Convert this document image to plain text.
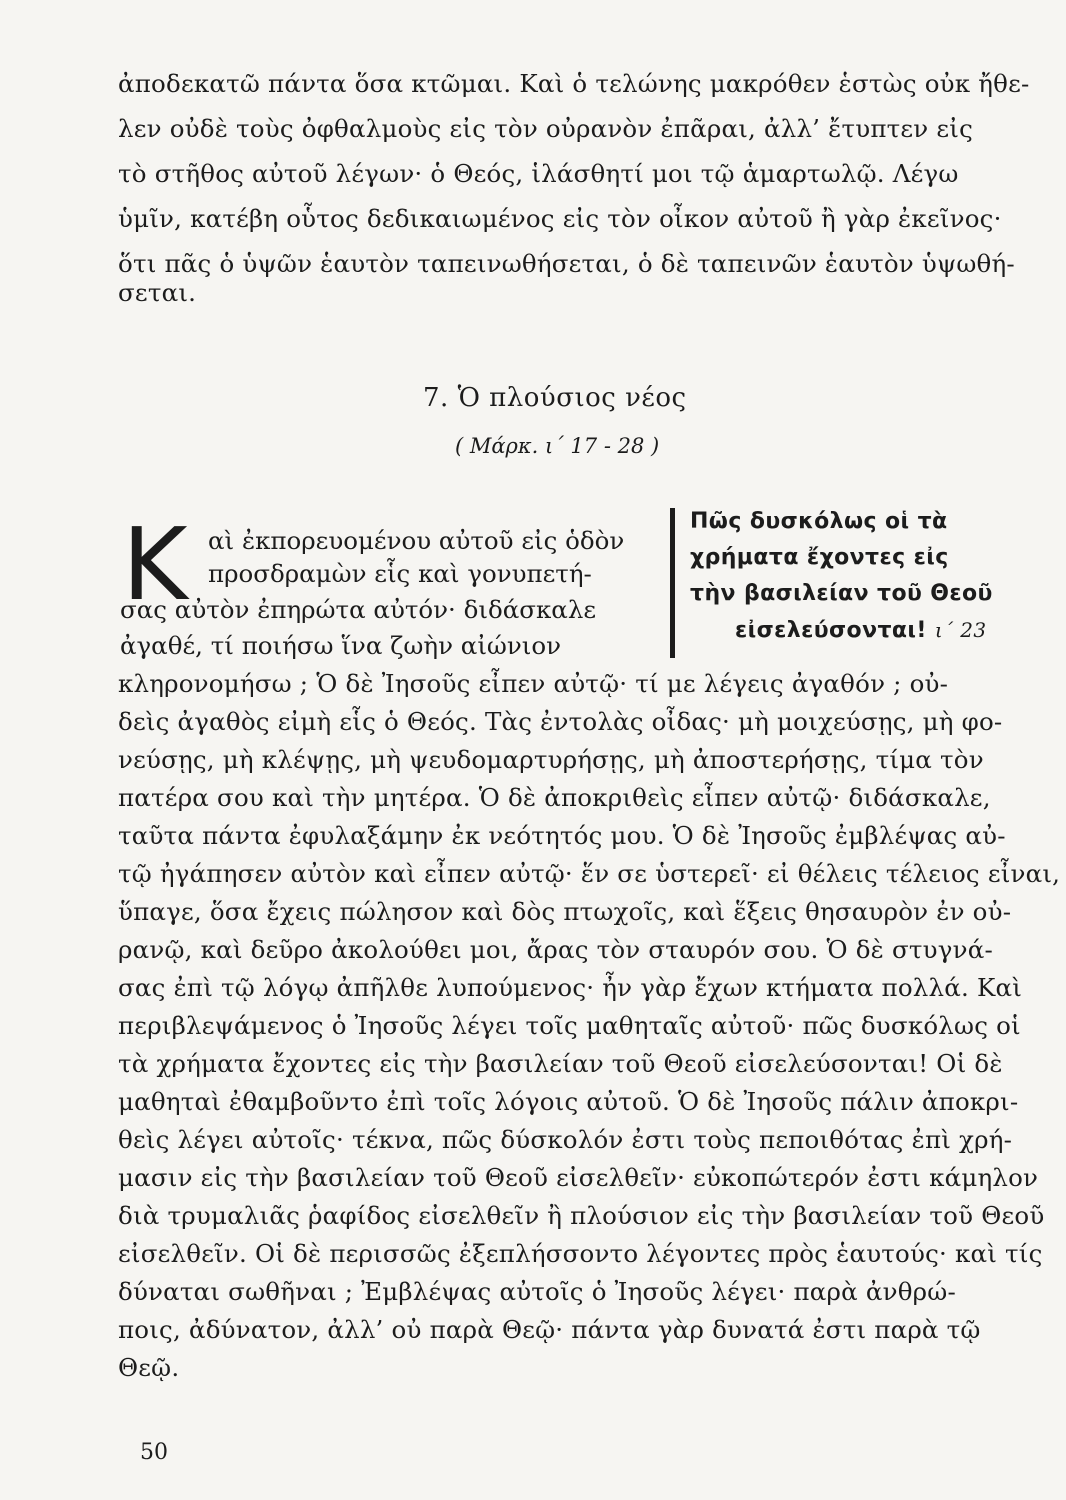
ἀποδεκατῶ πάντα ὅσα κτῶμαι. Καὶ ὁ τελώνης μακρόθεν ἑστὼς οὐκ ἤθε-
λεν οὐδὲ τοὺς ὀφθαλμοὺς εἰς τὸν οὐρανὸν ἐπᾶραι, ἀλλ’ ἔτυπτεν εἰς
τὸ στῆθος αὐτοῦ λέγων· ὁ Θεός, ἱλάσθητί μοι τῷ ἁμαρτωλῷ. Λέγω
ὑμῖν, κατέβη οὗτος δεδικαιωμένος εἰς τὸν οἶκον αὐτοῦ ἢ γὰρ ἐκεῖνος·
ὅτι πᾶς ὁ ὑψῶν ἑαυτὸν ταπεινωθήσεται, ὁ δὲ ταπεινῶν ἑαυτὸν ὑψωθή-
σεται.
7. Ὁ πλούσιος νέος
( Μάρκ. ι΄ 17 - 28 )
Κ αὶ ἐκπορευομένου αὐτοῦ εἰς ὁδὸν
προσδραμὼν εἷς καὶ γονυπετή-
σας αὐτὸν ἐπηρώτα αὐτόν· διδάσκαλε
ἀγαθέ, τί ποιήσω ἵνα ζωὴν αἰώνιον
Πῶς δυσκόλως οἱ τὰ
χρήματα ἔχοντες εἰς
τὴν βασιλείαν τοῦ Θεοῦ
εἰσελεύσονται! ι΄ 23
κληρονομήσω ; Ὁ δὲ Ἰησοῦς εἶπεν αὐτῷ· τί με λέγεις ἀγαθόν ; οὐ-
δεὶς ἀγαθὸς εἰμὴ εἷς ὁ Θεός. Τὰς ἐντολὰς οἶδας· μὴ μοιχεύσῃς, μὴ φο-
νεύσῃς, μὴ κλέψῃς, μὴ ψευδομαρτυρήσῃς, μὴ ἀποστερήσῃς, τίμα τὸν
πατέρα σου καὶ τὴν μητέρα. Ὁ δὲ ἀποκριθεὶς εἶπεν αὐτῷ· διδάσκαλε,
ταῦτα πάντα ἐφυλαξάμην ἐκ νεότητός μου. Ὁ δὲ Ἰησοῦς ἐμβλέψας αὐ-
τῷ ἠγάπησεν αὐτὸν καὶ εἶπεν αὐτῷ· ἕν σε ὑστερεῖ· εἰ θέλεις τέλειος εἶναι,
ὕπαγε, ὅσα ἔχεις πώλησον καὶ δὸς πτωχοῖς, καὶ ἕξεις θησαυρὸν ἐν οὐ-
ρανῷ, καὶ δεῦρο ἀκολούθει μοι, ἄρας τὸν σταυρόν σου. Ὁ δὲ στυγνά-
σας ἐπὶ τῷ λόγῳ ἀπῆλθε λυπούμενος· ἦν γὰρ ἔχων κτήματα πολλά. Καὶ
περιβλεψάμενος ὁ Ἰησοῦς λέγει τοῖς μαθηταῖς αὐτοῦ· πῶς δυσκόλως οἱ
τὰ χρήματα ἔχοντες εἰς τὴν βασιλείαν τοῦ Θεοῦ εἰσελεύσονται! Οἱ δὲ
μαθηταὶ ἐθαμβοῦντο ἐπὶ τοῖς λόγοις αὐτοῦ. Ὁ δὲ Ἰησοῦς πάλιν ἀποκρι-
θεὶς λέγει αὐτοῖς· τέκνα, πῶς δύσκολόν ἐστι τοὺς πεποιθότας ἐπὶ χρή-
μασιν εἰς τὴν βασιλείαν τοῦ Θεοῦ εἰσελθεῖν· εὐκοπώτερόν ἐστι κάμηλον
διὰ τρυμαλιᾶς ῥαφίδος εἰσελθεῖν ἢ πλούσιον εἰς τὴν βασιλείαν τοῦ Θεοῦ
εἰσελθεῖν. Οἱ δὲ περισσῶς ἐξεπλήσσοντο λέγοντες πρὸς ἑαυτούς· καὶ τίς
δύναται σωθῆναι ; Ἐμβλέψας αὐτοῖς ὁ Ἰησοῦς λέγει· παρὰ ἀνθρώ-
ποις, ἀδύνατον, ἀλλ’ οὐ παρὰ Θεῷ· πάντα γὰρ δυνατά ἐστι παρὰ τῷ
Θεῷ.
50
